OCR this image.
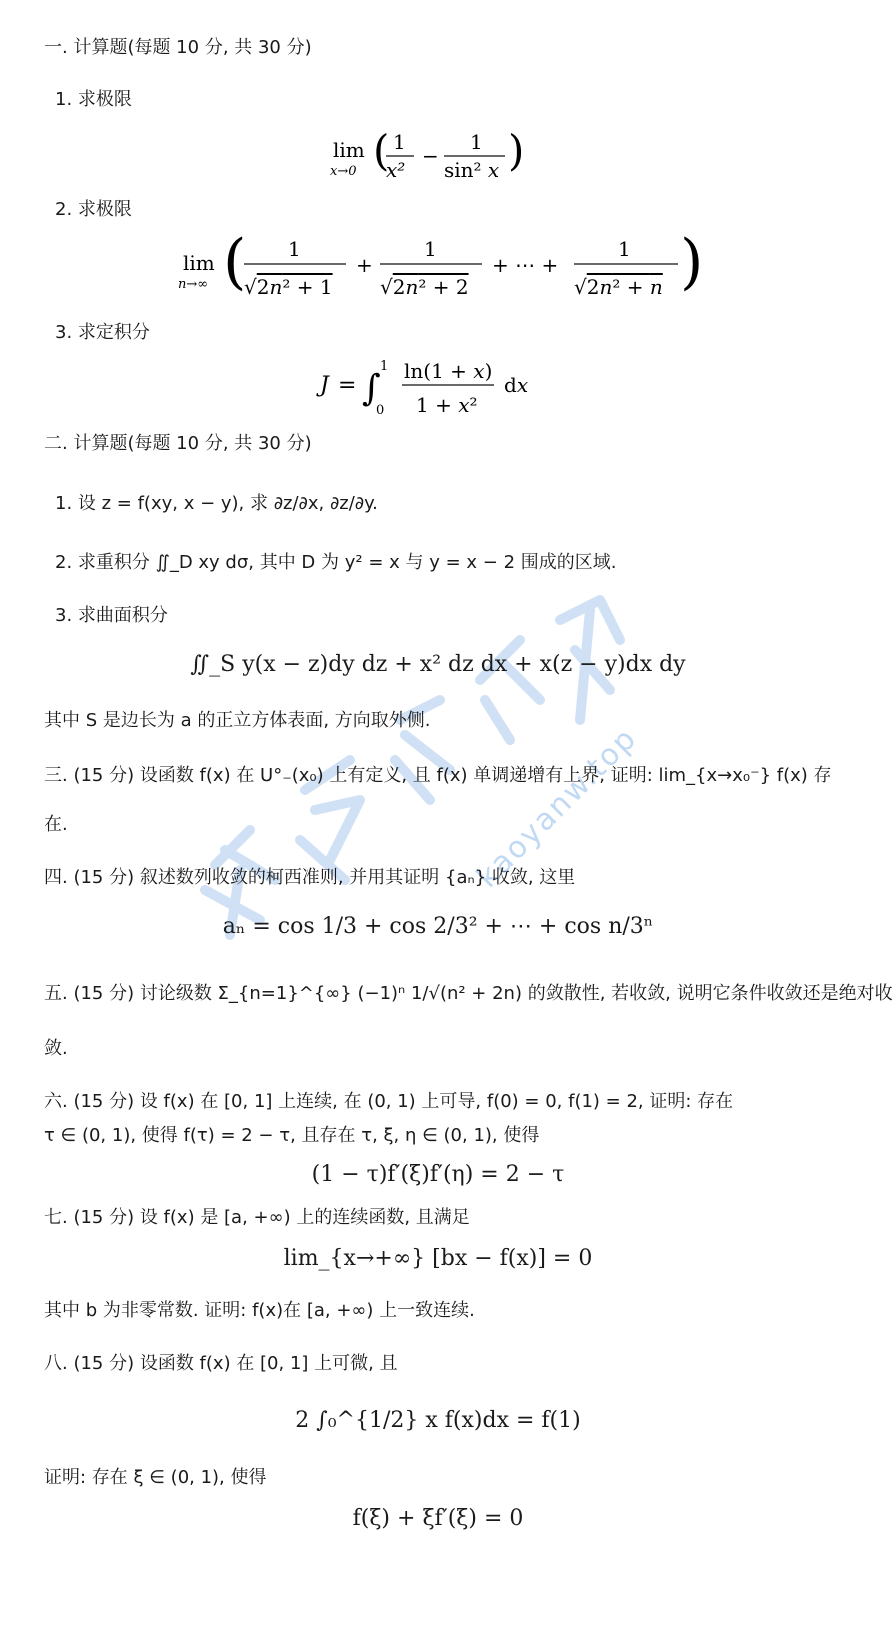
kaoyanw.top
一. 计算题(每题 10 分, 共 30 分)
1. 求极限
lim
x→0 ( 1
x²
−
1
sin² x )
2. 求极限
lim
n→∞ ( 1
√2n² + 1
+
1
√2n² + 2
+ ⋯ +
1
√2n² + n )
3. 求定积分
J = ∫
1
0
ln(1 + x)
1 + x²
dx
二. 计算题(每题 10 分, 共 30 分)
1. 设 z = f(xy, x − y), 求 ∂z/∂x, ∂z/∂y.
2. 求重积分 ∬_D xy dσ, 其中 D 为 y² = x 与 y = x − 2 围成的区域.
3. 求曲面积分
∬_S y(x − z)dy dz + x² dz dx + x(z − y)dx dy
其中 S 是边长为 a 的正立方体表面, 方向取外侧.
三. (15 分) 设函数 f(x) 在 U°₋(x₀) 上有定义, 且 f(x) 单调递增有上界, 证明: lim_{x→x₀⁻} f(x) 存
在.
四. (15 分) 叙述数列收敛的柯西准则, 并用其证明 {aₙ} 收敛, 这里
aₙ = cos 1/3 + cos 2/3² + ⋯ + cos n/3ⁿ
五. (15 分) 讨论级数 Σ_{n=1}^{∞} (−1)ⁿ 1/√(n² + 2n) 的敛散性, 若收敛, 说明它条件收敛还是绝对收
敛.
六. (15 分) 设 f(x) 在 [0, 1] 上连续, 在 (0, 1) 上可导, f(0) = 0, f(1) = 2, 证明: 存在
τ ∈ (0, 1), 使得 f(τ) = 2 − τ, 且存在 τ, ξ, η ∈ (0, 1), 使得
(1 − τ)f′(ξ)f′(η) = 2 − τ
七. (15 分) 设 f(x) 是 [a, +∞) 上的连续函数, 且满足
lim_{x→+∞} [bx − f(x)] = 0
其中 b 为非零常数. 证明: f(x)在 [a, +∞) 上一致连续.
八. (15 分) 设函数 f(x) 在 [0, 1] 上可微, 且
2 ∫₀^{1/2} x f(x)dx = f(1)
证明: 存在 ξ ∈ (0, 1), 使得
f(ξ) + ξf′(ξ) = 0
